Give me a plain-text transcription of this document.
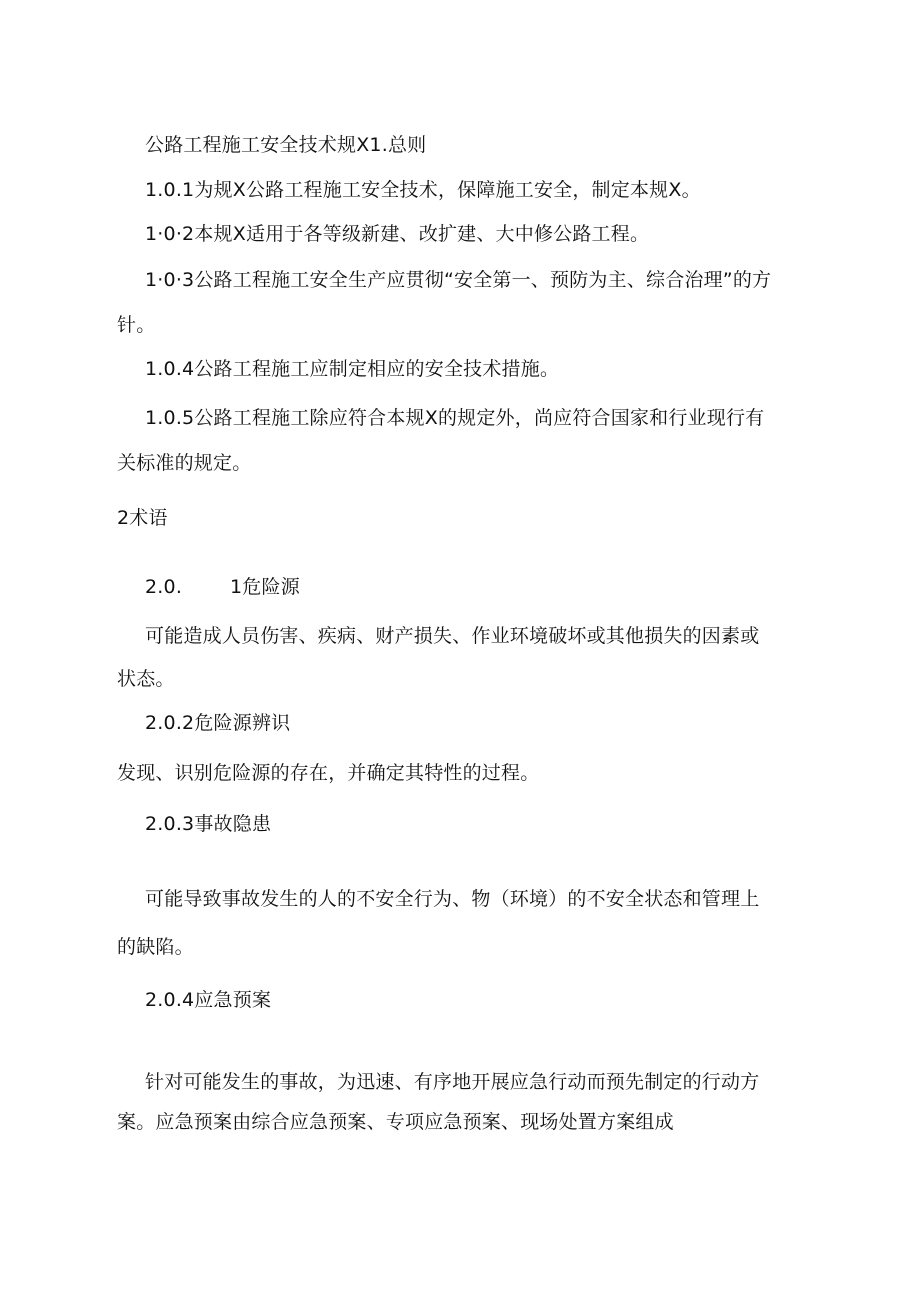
公路工程施工安全技术规X1.总则

1.0.1为规X公路工程施工安全技术，保障施工安全，制定本规X。

1·0·2本规X适用于各等级新建、改扩建、大中修公路工程。

1·0·3公路工程施工安全生产应贯彻“安全第一、预防为主、综合治理”的方

针。

1.0.4公路工程施工应制定相应的安全技术措施。

1.0.5公路工程施工除应符合本规X的规定外，尚应符合国家和行业现行有

关标准的规定。

2术语

2.0.	1危险源

可能造成人员伤害、疾病、财产损失、作业环境破坏或其他损失的因素或

状态。

2.0.2危险源辨识

发现、识别危险源的存在，并确定其特性的过程。

2.0.3事故隐患

可能导致事故发生的人的不安全行为、物（环境）的不安全状态和管理上

的缺陷。

2.0.4应急预案

针对可能发生的事故，为迅速、有序地开展应急行动而预先制定的行动方

案。应急预案由综合应急预案、专项应急预案、现场处置方案组成
